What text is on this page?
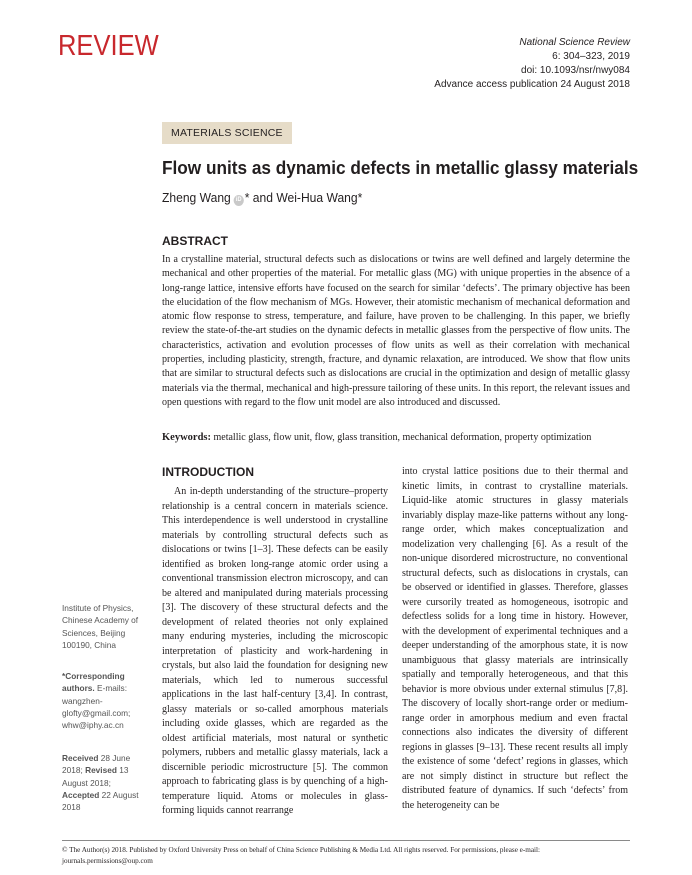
REVIEW	National Science Review
6: 304–323, 2019
doi: 10.1093/nsr/nwy084
Advance access publication 24 August 2018
MATERIALS SCIENCE
Flow units as dynamic defects in metallic glassy materials
Zheng Wang iD * and Wei-Hua Wang*
ABSTRACT
In a crystalline material, structural defects such as dislocations or twins are well defined and largely determine the mechanical and other properties of the material. For metallic glass (MG) with unique properties in the absence of a long-range lattice, intensive efforts have focused on the search for similar ‘defects’. The primary objective has been the elucidation of the flow mechanism of MGs. However, their atomistic mechanism of mechanical deformation and atomic flow response to stress, temperature, and failure, have proven to be challenging. In this paper, we briefly review the state-of-the-art studies on the dynamic defects in metallic glasses from the perspective of flow units. The characteristics, activation and evolution processes of flow units as well as their correlation with mechanical properties, including plasticity, strength, fracture, and dynamic relaxation, are introduced. We show that flow units that are similar to structural defects such as dislocations are crucial in the optimization and design of metallic glassy materials via the thermal, mechanical and high-pressure tailoring of these units. In this report, the relevant issues and open questions with regard to the flow unit model are also introduced and discussed.
Keywords: metallic glass, flow unit, flow, glass transition, mechanical deformation, property optimization
INTRODUCTION

An in-depth understanding of the structure–property relationship is a central concern in materials science. This interdependence is well understood in crystalline materials by controlling structural defects such as dislocations or twins [1–3]. These defects can be easily identified as broken long-range atomic order using a conventional transmission electron microscopy, and can be altered and manipulated during materials processing [3]. The discovery of these structural defects and the development of related theories not only explained many enduring mysteries, including the microscopic interpretation of plasticity and work-hardening in crystals, but also laid the foundation for designing new materials, which led to numerous successful applications in the last half-century [3,4]. In contrast, glassy materials or so-called amorphous materials including oxide glasses, which are regarded as the oldest artificial materials, most natural or synthetic polymers, rubbers and metallic glassy materials, lack a discernible periodic microstructure [5]. The common approach to fabricating glass is by quenching of a high-temperature liquid. Atoms or molecules in glass-forming liquids cannot rearrange

into crystal lattice positions due to their thermal and kinetic limits, in contrast to crystalline materials. Liquid-like atomic structures in glassy materials invariably display maze-like patterns without any long-range order, which makes conceptualization and modelization very challenging [6]. As a result of the non-unique disordered microstructure, no conventional structural defects, such as dislocations in crystals, can be observed or identified in glasses. Therefore, glasses were cursorily treated as homogeneous, isotropic and defectless solids for a long time in history. However, with the development of experimental techniques and a deeper understanding of the amorphous state, it is now unambiguous that glassy materials are intrinsically spatially and temporally heterogeneous, and that this behavior is more obvious under external stimulus [7,8]. The discovery of locally short-range order or medium-range order in amorphous medium and even fractal connections also indicates the diversity of different regions in glasses [9–13]. These recent results all imply the existence of some ‘defect’ regions in glasses, which are not simply distinct in structure but reflect the distributed feature of dynamics. If such ‘defects’ from the heterogeneity can be

Institute of Physics, Chinese Academy of Sciences, Beijing 100190, China
*Corresponding authors. E-mails: wangzhen-glofty@gmail.com; whw@iphy.ac.cn
Received 28 June 2018; Revised 13 August 2018; Accepted 22 August 2018
© The Author(s) 2018. Published by Oxford University Press on behalf of China Science Publishing & Media Ltd. All rights reserved. For permissions, please e-mail: journals.permissions@oup.com
